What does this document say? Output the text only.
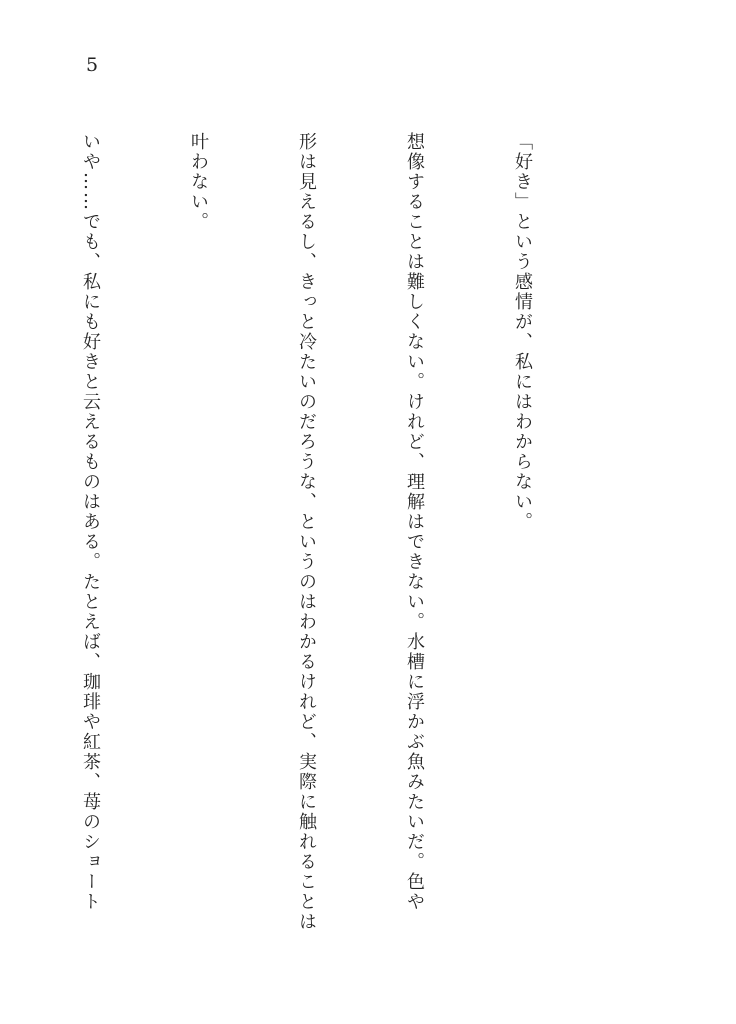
5

「好き」という感情が、私にはわからない。

想像することは難しくない。けれど、理解はできない。水槽に浮かぶ魚みたいだ。色や

形は見えるし、きっと冷たいのだろうな、というのはわかるけれど、実際に触れることは

叶わない。

いや……でも、私にも好きと云えるものはある。たとえば、珈琲や紅茶、苺のショート
